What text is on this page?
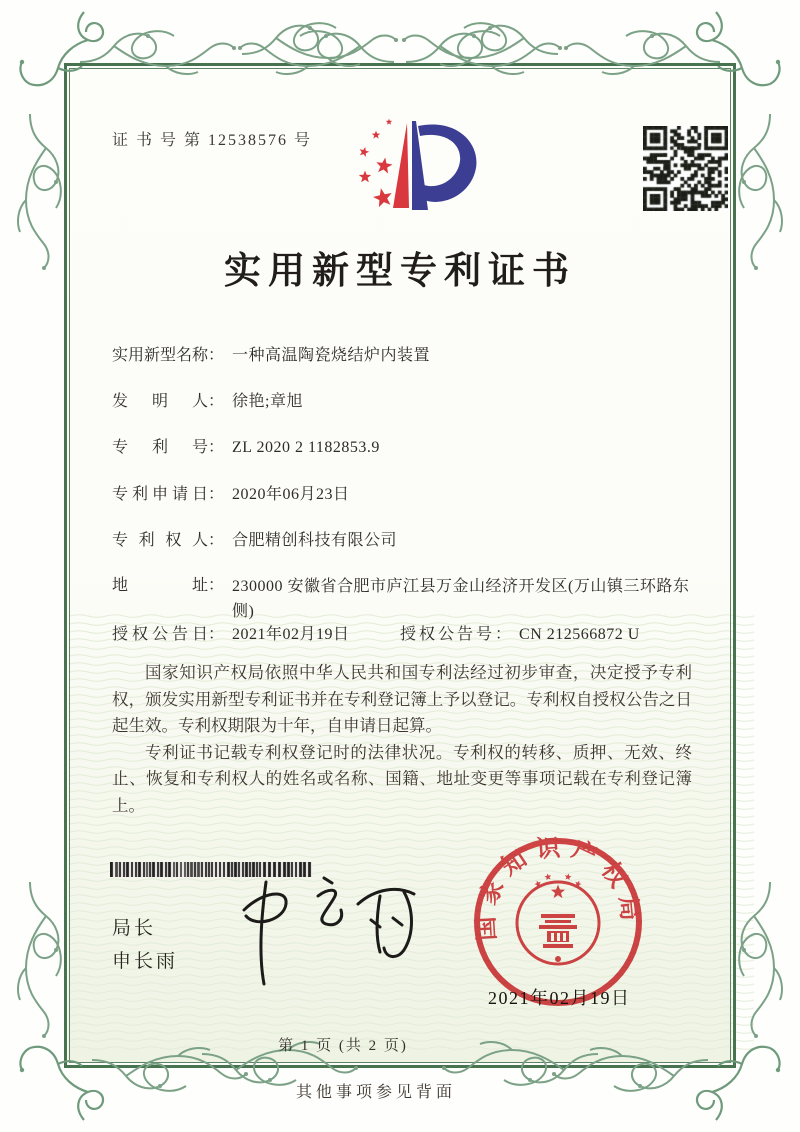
证 书 号 第 12538576 号
实用新型专利证书
实用新型名称： 一种高温陶瓷烧结炉内装置
发明人： 徐艳;章旭
专利号： ZL 2020 2 1182853.9
专利申请日： 2020年06月23日
专利权人： 合肥精创科技有限公司
地址： 230000 安徽省合肥市庐江县万金山经济开发区(万山镇三环路东侧)
授权公告日： 2021年02月19日	授权公告号： CN 212566872 U

国家知识产权局依照中华人民共和国专利法经过初步审查，决定授予专利权，颁发实用新型专利证书并在专利登记簿上予以登记。专利权自授权公告之日起生效。专利权期限为十年，自申请日起算。

专利证书记载专利权登记时的法律状况。专利权的转移、质押、无效、终止、恢复和专利权人的姓名或名称、国籍、地址变更等事项记载在专利登记簿上。

局长
申长雨
国家知识产权局
2021年02月19日
第 1 页 (共 2 页)
其他事项参见背面
